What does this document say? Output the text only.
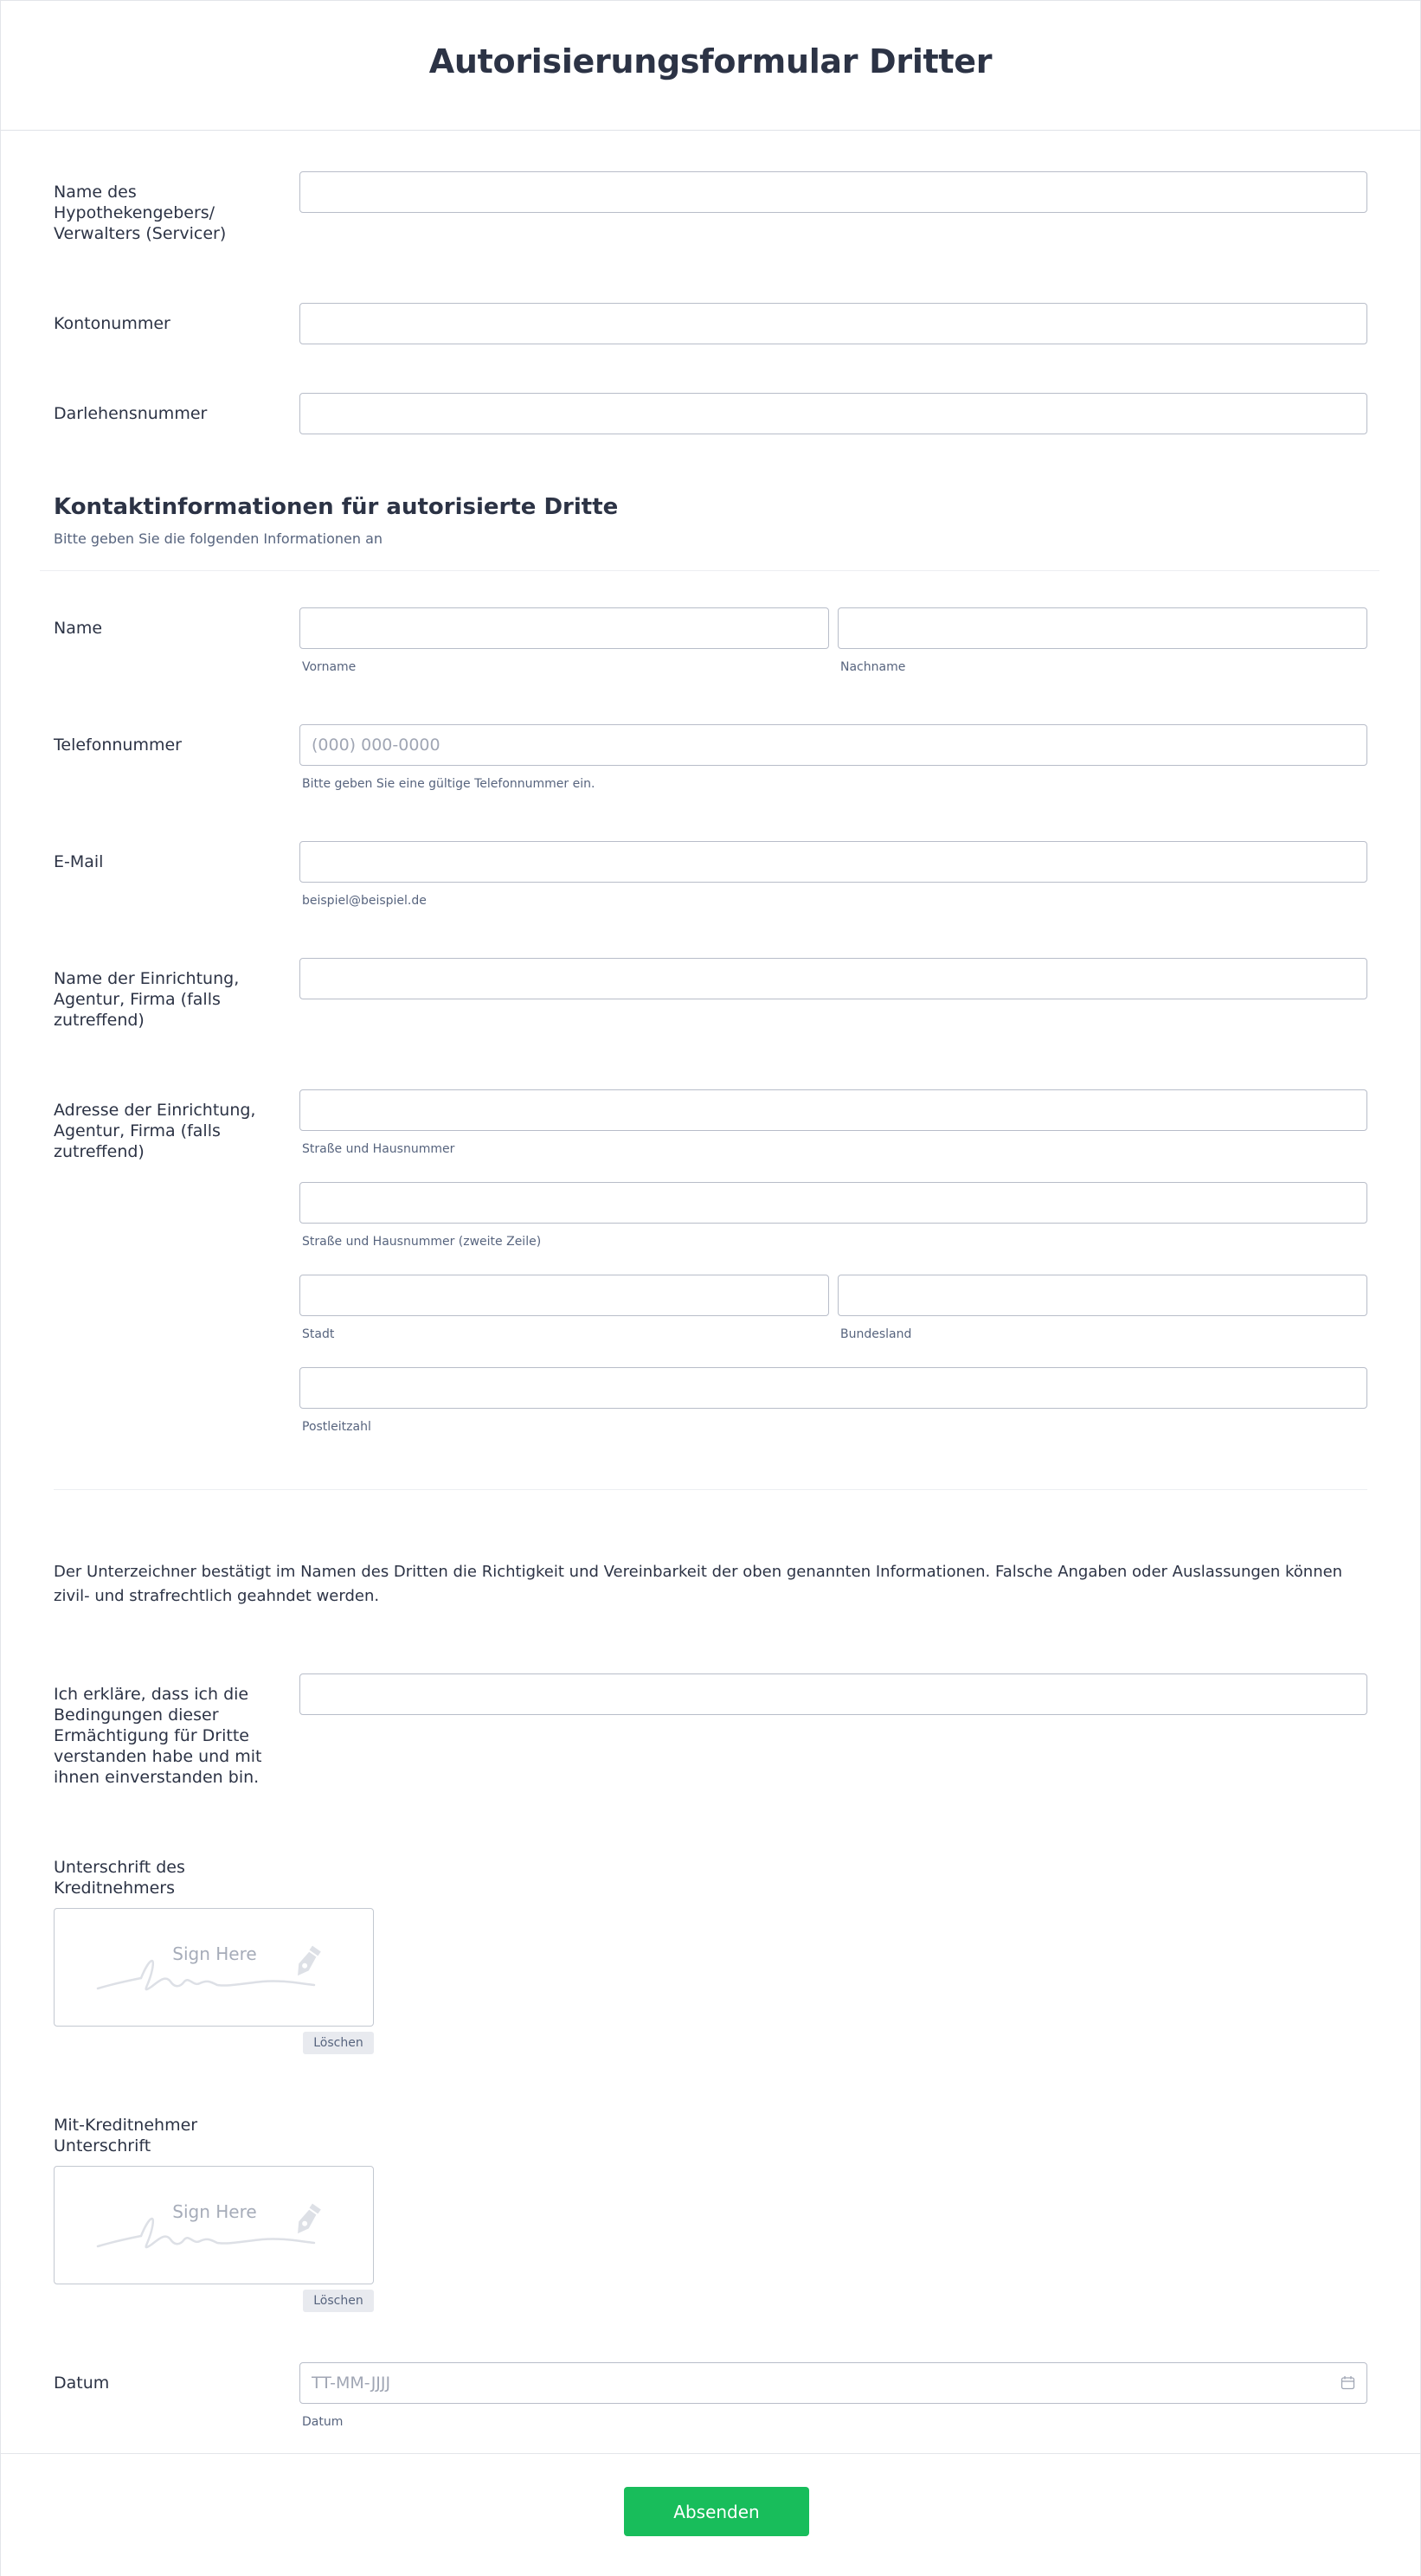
Autorisierungsformular Dritter
Name des Hypothekengebers/ Verwalters (Servicer)
Kontonummer
Darlehensnummer
Kontaktinformationen für autorisierte Dritte
Bitte geben Sie die folgenden Informationen an
Name
Vorname	Nachname
Telefonnummer
(000) 000-0000
Bitte geben Sie eine gültige Telefonnummer ein.
E-Mail
beispiel@beispiel.de
Name der Einrichtung, Agentur, Firma (falls zutreffend)
Adresse der Einrichtung, Agentur, Firma (falls zutreffend)	Straße und Hausnummer
Straße und Hausnummer (zweite Zeile)
Stadt	Bundesland
Postleitzahl
Der Unterzeichner bestätigt im Namen des Dritten die Richtigkeit und Vereinbarkeit der oben genannten Informationen. Falsche Angaben oder Auslassungen können zivil- und strafrechtlich geahndet werden.
Ich erkläre, dass ich die Bedingungen dieser Ermächtigung für Dritte verstanden habe und mit ihnen einverstanden bin.
Unterschrift des Kreditnehmers
Sign Here
Löschen
Mit-Kreditnehmer Unterschrift
Sign Here
Löschen
Datum
TT-MM-JJJJ
Datum
Absenden
